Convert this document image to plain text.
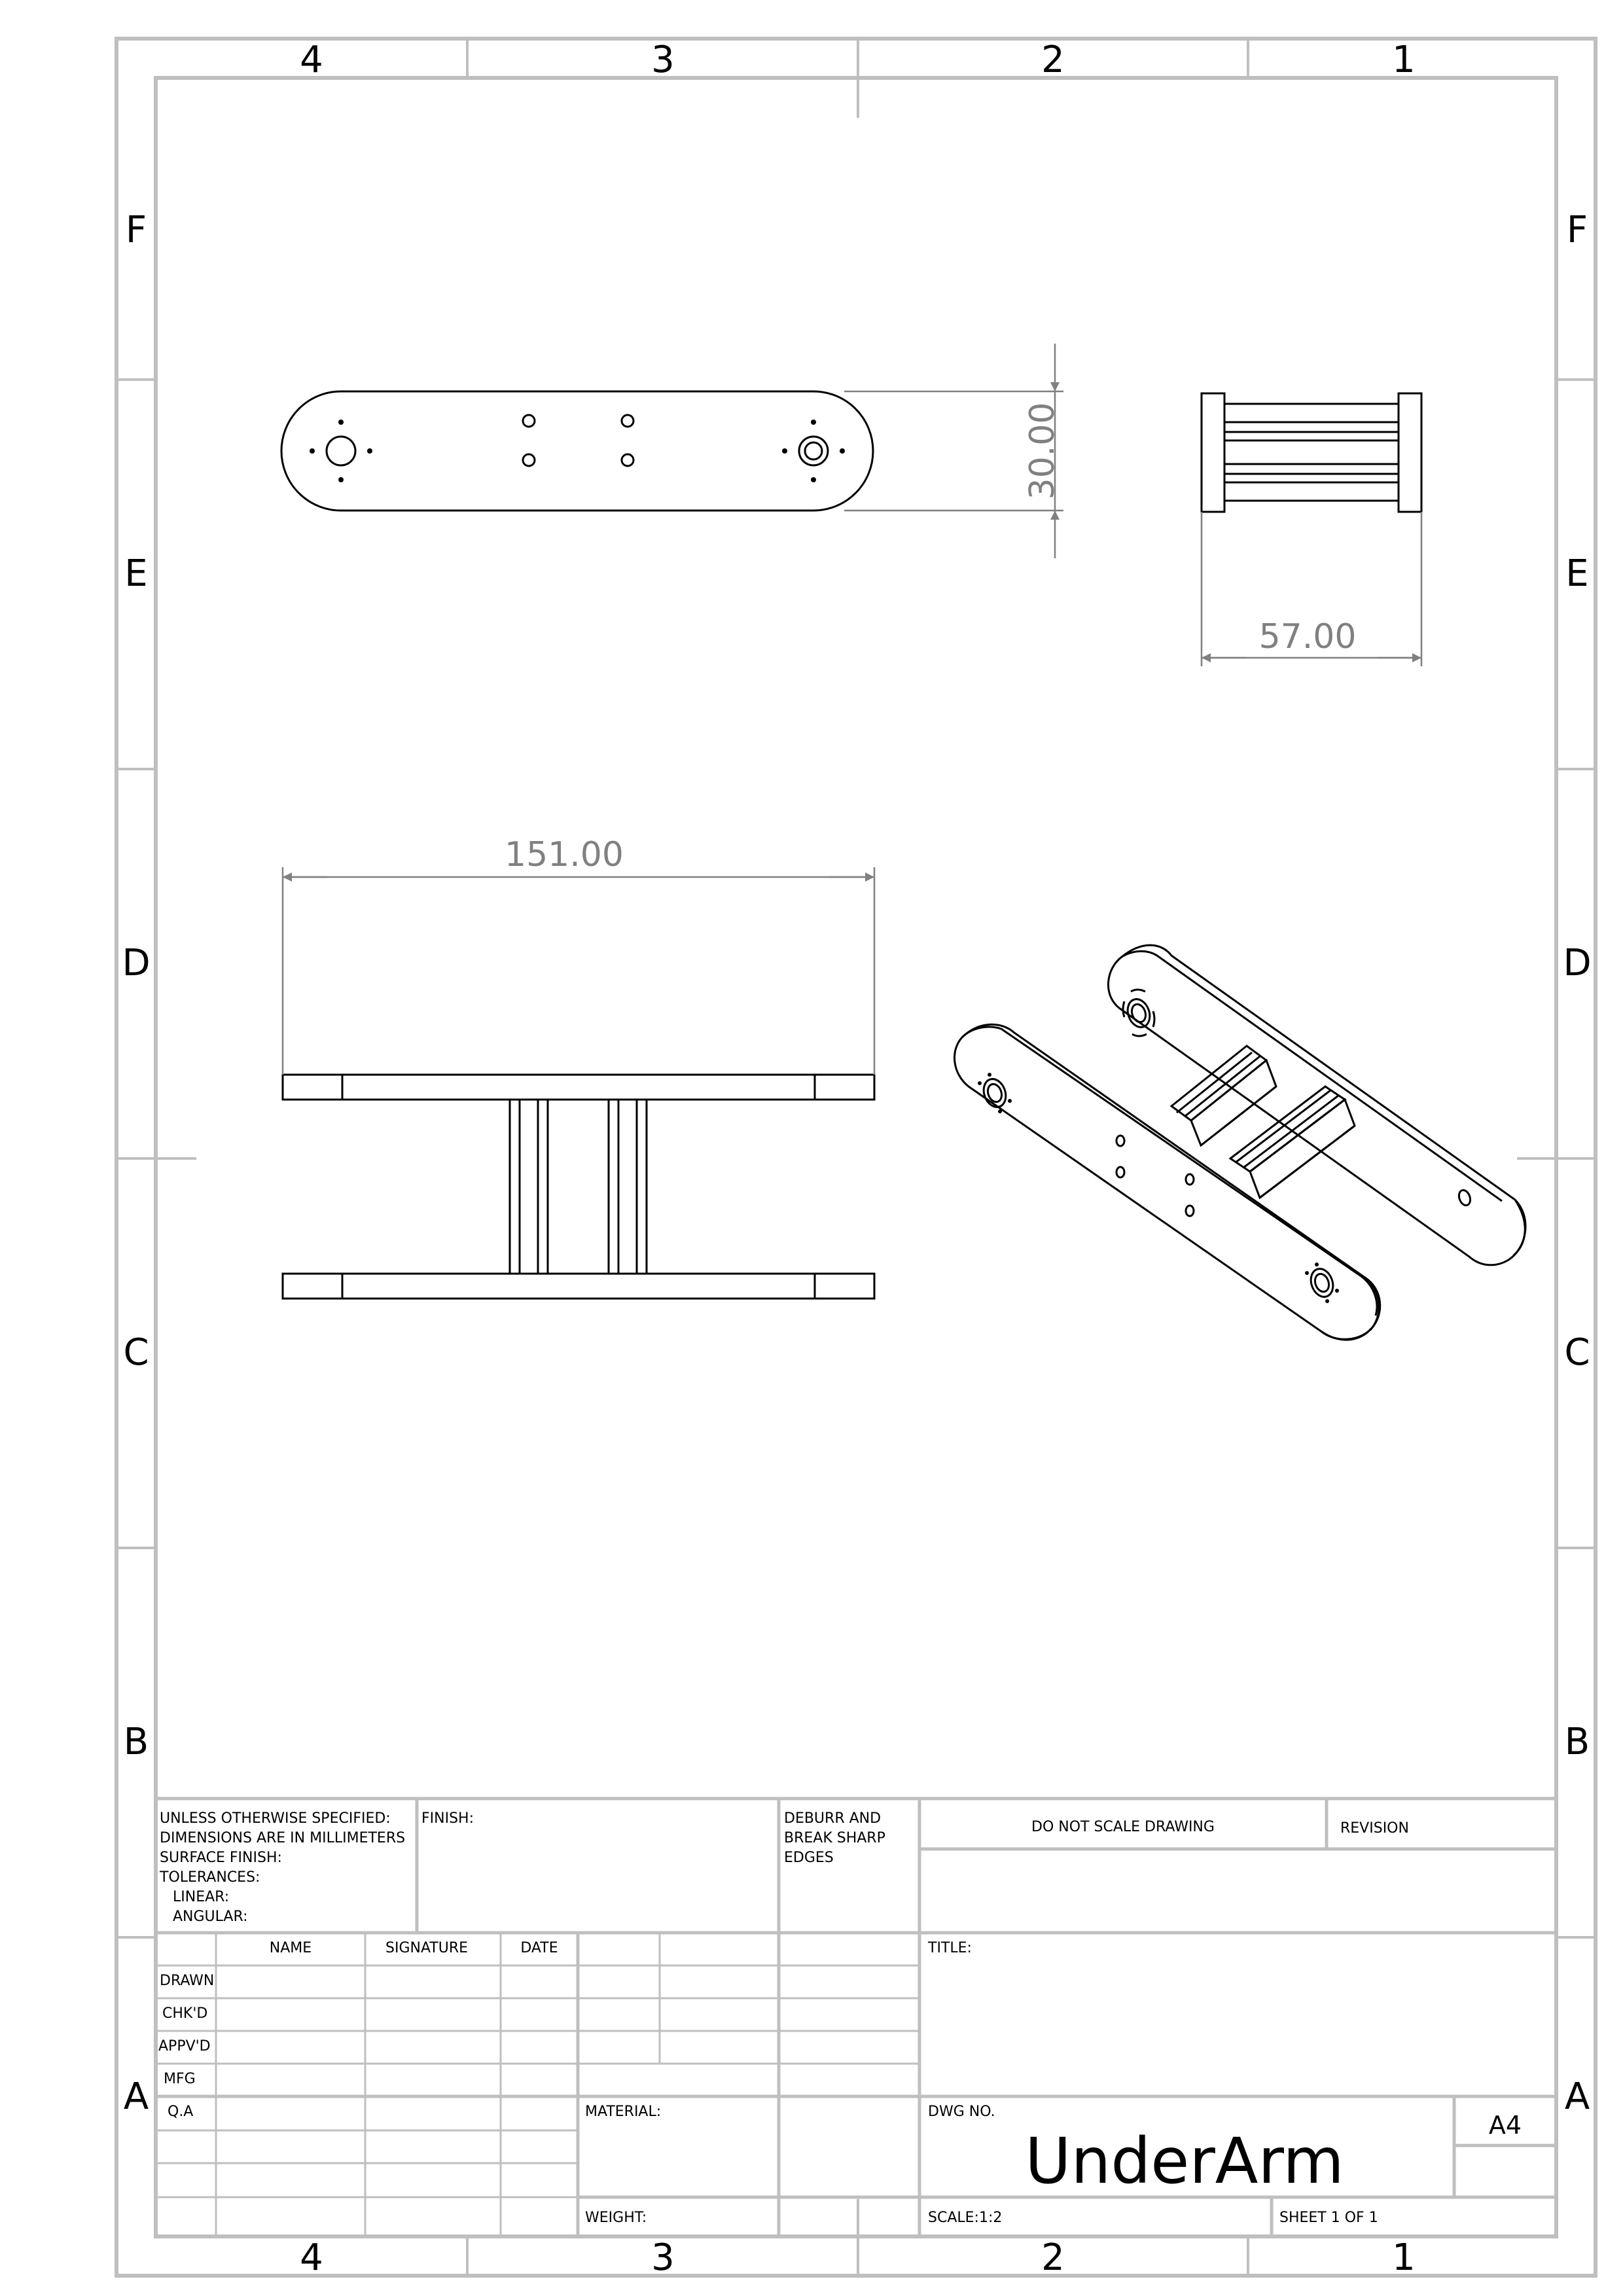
4	3	2	1
4	3	2	1
F
E
D
C
B
A
F
E
D
C
B
A
30.00
57.00
151.00
UNLESS OTHERWISE SPECIFIED:
DIMENSIONS ARE IN MILLIMETERS
SURFACE FINISH:
TOLERANCES:
LINEAR:
ANGULAR:
FINISH:	DEBURR AND
BREAK SHARP
EDGES
DO NOT SCALE DRAWING	REVISION
NAME	SIGNATURE	DATE
DRAWN
CHK'D
APPV'D
MFG
Q.A
TITLE:
MATERIAL:
WEIGHT:
DWG NO.
UnderArm	A4
SCALE:1:2	SHEET 1 OF 1
